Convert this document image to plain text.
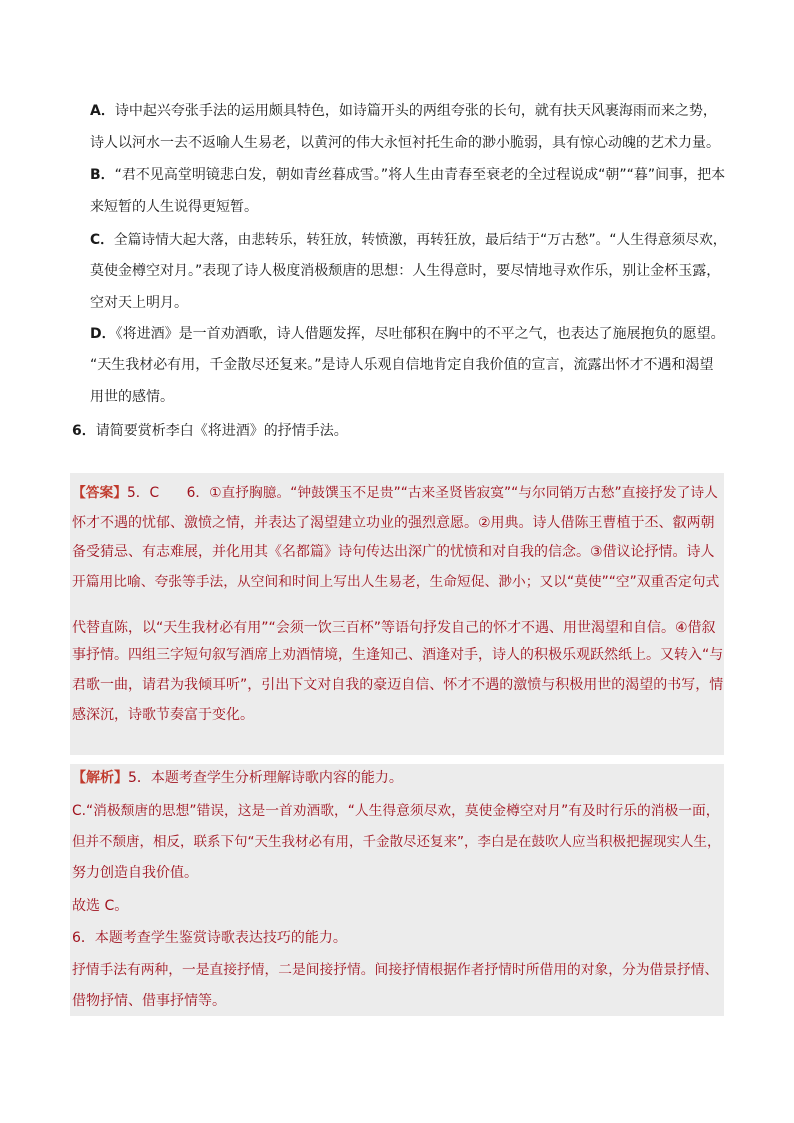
A．诗中起兴夸张手法的运用颇具特色，如诗篇开头的两组夸张的长句，就有扶天风裹海雨而来之势，
诗人以河水一去不返喻人生易老，以黄河的伟大永恒衬托生命的渺小脆弱，具有惊心动魄的艺术力量。
B．“君不见高堂明镜悲白发，朝如青丝暮成雪。”将人生由青春至衰老的全过程说成“朝”“暮”间事，把本
来短暂的人生说得更短暂。
C．全篇诗情大起大落，由悲转乐，转狂放，转愤激，再转狂放，最后结于“万古愁”。“人生得意须尽欢，
莫使金樽空对月。”表现了诗人极度消极颓唐的思想：人生得意时，要尽情地寻欢作乐，别让金杯玉露，
空对天上明月。
D．《将进酒》是一首劝酒歌，诗人借题发挥，尽吐郁积在胸中的不平之气，也表达了施展抱负的愿望。
“天生我材必有用，千金散尽还复来。”是诗人乐观自信地肯定自我价值的宣言，流露出怀才不遇和渴望
用世的感情。
6．请简要赏析李白《将进酒》的抒情手法。
【答案】5．C　　6．①直抒胸臆。“钟鼓馔玉不足贵”“古来圣贤皆寂寞”“与尔同销万古愁”直接抒发了诗人
怀才不遇的忧郁、激愤之情，并表达了渴望建立功业的强烈意愿。②用典。诗人借陈王曹植于丕、叡两朝
备受猜忌、有志难展，并化用其《名都篇》诗句传达出深广的忧愤和对自我的信念。③借议论抒情。诗人
开篇用比喻、夸张等手法，从空间和时间上写出人生易老，生命短促、渺小；又以“莫使”“空”双重否定句式
代替直陈，以“天生我材必有用”“会须一饮三百杯”等语句抒发自己的怀才不遇、用世渴望和自信。④借叙
事抒情。四组三字短句叙写酒席上劝酒情境，生逢知己、酒逢对手，诗人的积极乐观跃然纸上。又转入“与
君歌一曲，请君为我倾耳听”，引出下文对自我的豪迈自信、怀才不遇的激愤与积极用世的渴望的书写，情
感深沉，诗歌节奏富于变化。
【解析】5．本题考查学生分析理解诗歌内容的能力。
C.“消极颓唐的思想”错误，这是一首劝酒歌，“人生得意须尽欢，莫使金樽空对月”有及时行乐的消极一面，
但并不颓唐，相反，联系下句“天生我材必有用，千金散尽还复来”，李白是在鼓吹人应当积极把握现实人生，
努力创造自我价值。
故选 C。
6．本题考查学生鉴赏诗歌表达技巧的能力。
抒情手法有两种，一是直接抒情，二是间接抒情。间接抒情根据作者抒情时所借用的对象，分为借景抒情、
借物抒情、借事抒情等。
